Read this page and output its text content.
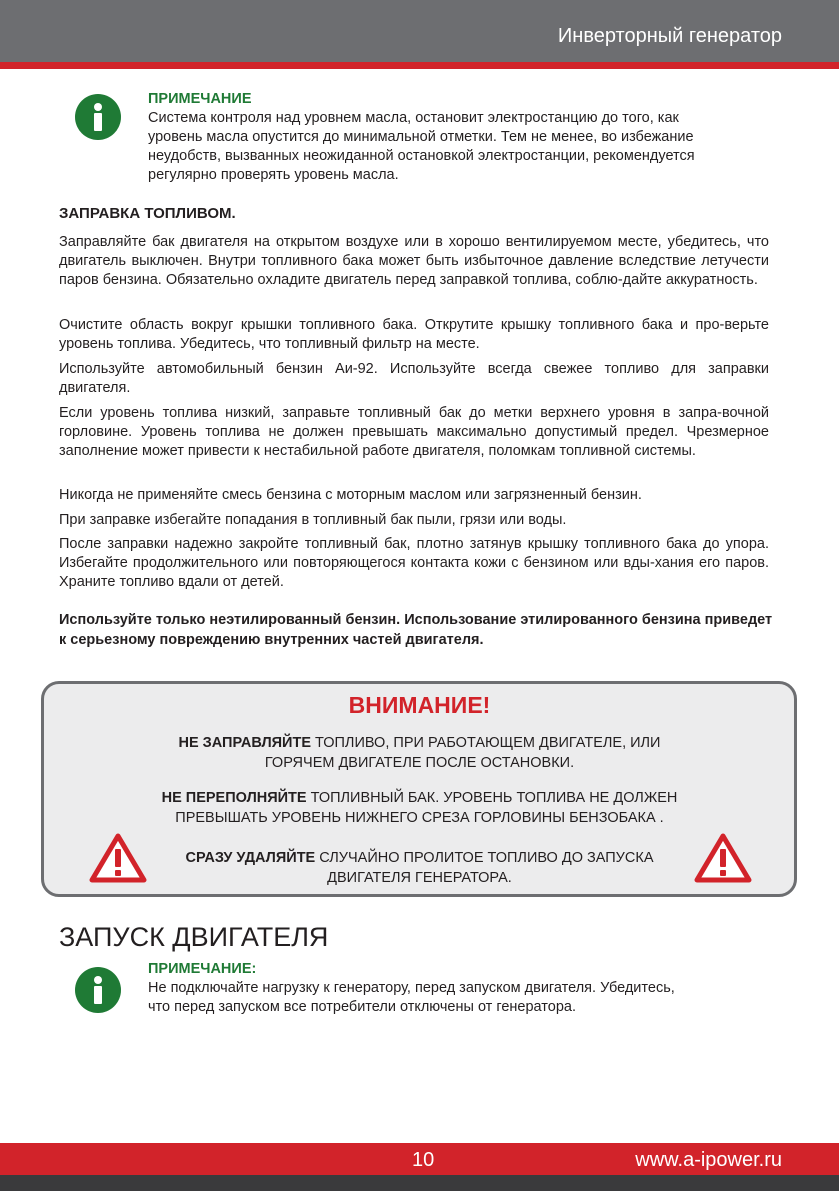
Инверторный генератор
ПРИМЕЧАНИЕ
Система контроля над уровнем масла, остановит электростанцию до того, как
уровень масла опустится до минимальной отметки. Тем не менее, во избежание
неудобств, вызванных неожиданной остановкой электростанции, рекомендуется
регулярно проверять уровень масла.
ЗАПРАВКА ТОПЛИВОМ.
Заправляйте бак двигателя на открытом воздухе или в хорошо вентилируемом месте, убедитесь, что двигатель выключен. Внутри топливного бака может быть избыточное давление вследствие летучести паров бензина. Обязательно охладите двигатель перед заправкой топлива, соблю-дайте аккуратность.
Очистите область вокруг крышки топливного бака. Открутите крышку топливного бака и про-верьте уровень топлива. Убедитесь, что топливный фильтр на месте.
Используйте автомобильный бензин Аи-92. Используйте всегда свежее топливо для заправки двигателя.
Если уровень топлива низкий, заправьте топливный бак до метки верхнего уровня в запра-вочной горловине. Уровень топлива не должен превышать максимально допустимый предел. Чрезмерное заполнение может привести к нестабильной работе двигателя, поломкам топливной системы.
Никогда не применяйте смесь бензина с моторным маслом или загрязненный бензин.
При заправке избегайте попадания в топливный бак пыли, грязи или воды.
После заправки надежно закройте топливный бак, плотно затянув крышку топливного бака до упора. Избегайте продолжительного или повторяющегося контакта кожи с бензином или вды-хания его паров. Храните топливо вдали от детей.
Используйте только неэтилированный бензин. Использование этилированного бензина приведет к серьезному повреждению внутренних частей двигателя.
ВНИМАНИЕ!
НЕ ЗАПРАВЛЯЙТЕ ТОПЛИВО, ПРИ РАБОТАЮЩЕМ ДВИГАТЕЛЕ, ИЛИ
ГОРЯЧЕМ ДВИГАТЕЛЕ ПОСЛЕ ОСТАНОВКИ.
НЕ ПЕРЕПОЛНЯЙТЕ ТОПЛИВНЫЙ БАК. УРОВЕНЬ ТОПЛИВА НЕ ДОЛЖЕН
ПРЕВЫШАТЬ УРОВЕНЬ НИЖНЕГО СРЕЗА ГОРЛОВИНЫ БЕНЗОБАКА .
СРАЗУ УДАЛЯЙТЕ СЛУЧАЙНО ПРОЛИТОЕ ТОПЛИВО ДО ЗАПУСКА
ДВИГАТЕЛЯ ГЕНЕРАТОРА.
ЗАПУСК ДВИГАТЕЛЯ
ПРИМЕЧАНИЕ:
Не подключайте нагрузку к генератору, перед запуском двигателя. Убедитесь,
что перед запуском все потребители отключены от генератора.
10	www.a-ipower.ru
